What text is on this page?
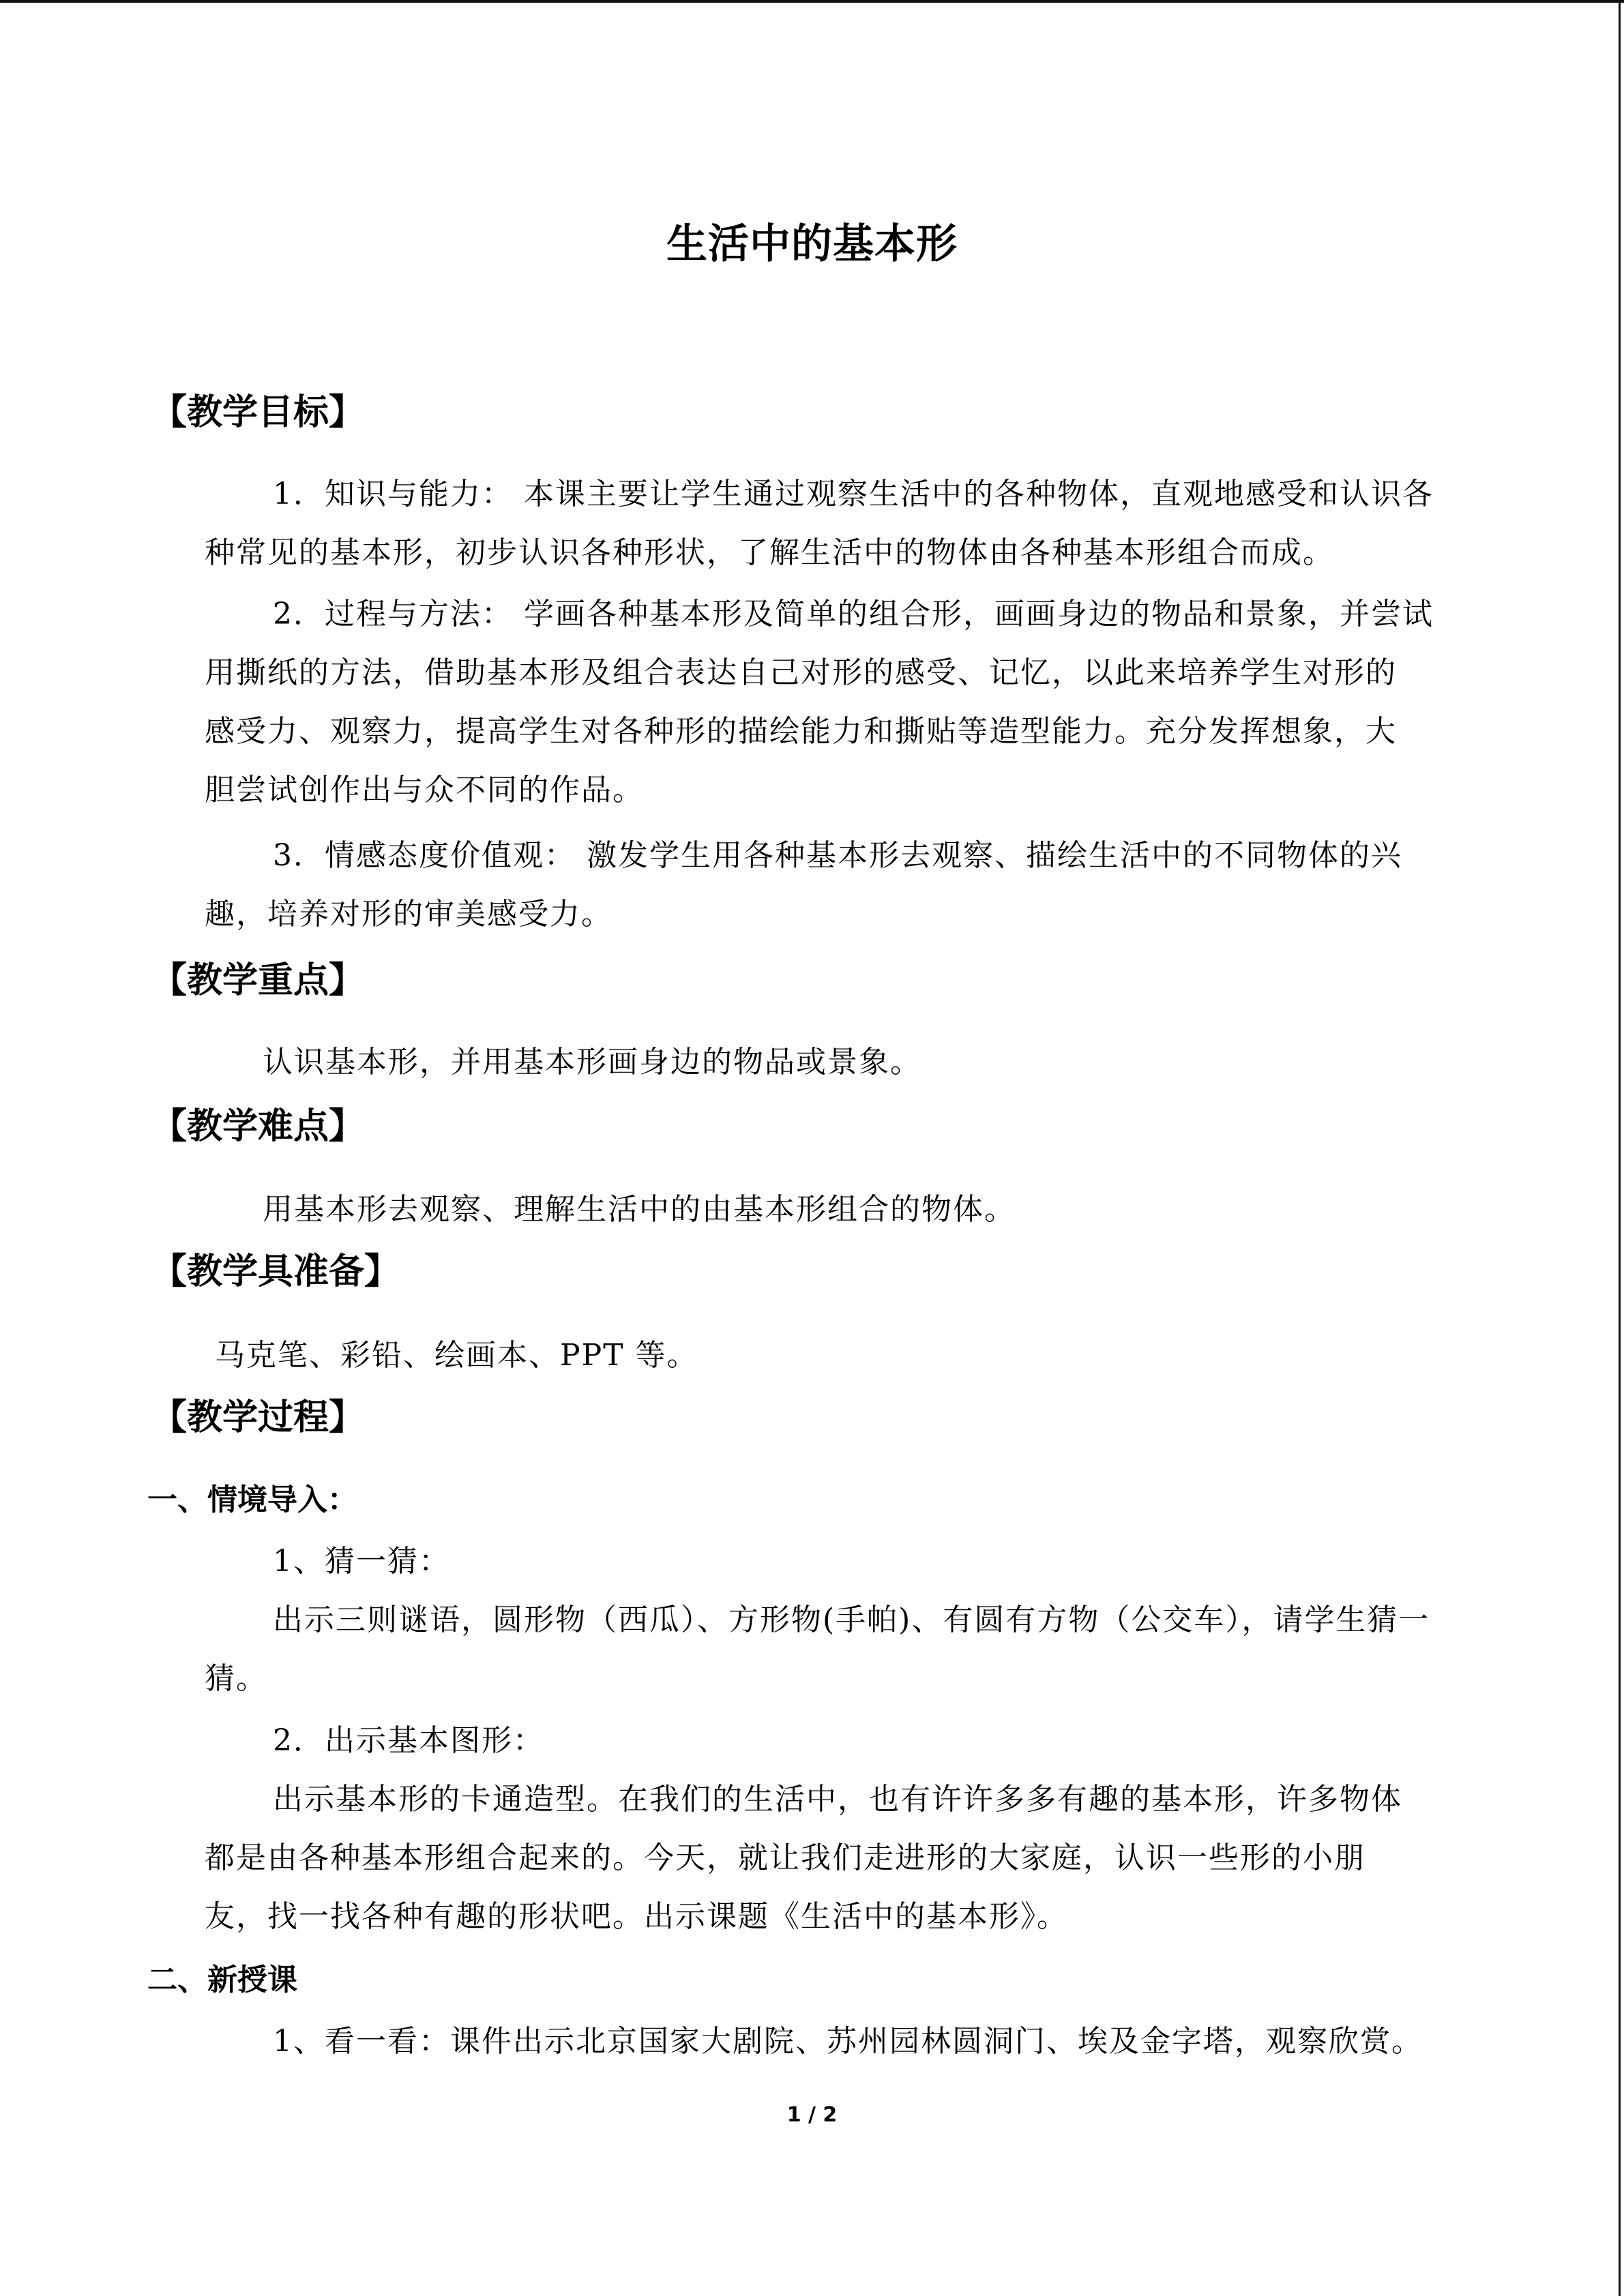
生活中的基本形
【教学目标】
1．知识与能力： 本课主要让学生通过观察生活中的各种物体，直观地感受和认识各
种常见的基本形，初步认识各种形状，了解生活中的物体由各种基本形组合而成。
2．过程与方法： 学画各种基本形及简单的组合形，画画身边的物品和景象，并尝试
用撕纸的方法，借助基本形及组合表达自己对形的感受、记忆，以此来培养学生对形的
感受力、观察力，提高学生对各种形的描绘能力和撕贴等造型能力。充分发挥想象，大
胆尝试创作出与众不同的作品。
3．情感态度价值观： 激发学生用各种基本形去观察、描绘生活中的不同物体的兴
趣，培养对形的审美感受力。
【教学重点】
认识基本形，并用基本形画身边的物品或景象。
【教学难点】
用基本形去观察、理解生活中的由基本形组合的物体。
【教学具准备】
马克笔、彩铅、绘画本、PPT 等。
【教学过程】
一、情境导入：
1、猜一猜：
出示三则谜语，圆形物（西瓜）、方形物(手帕)、有圆有方物（公交车），请学生猜一
猜。
2．出示基本图形：
出示基本形的卡通造型。在我们的生活中，也有许许多多有趣的基本形，许多物体
都是由各种基本形组合起来的。今天，就让我们走进形的大家庭，认识一些形的小朋
友，找一找各种有趣的形状吧。出示课题《生活中的基本形》。
二、新授课
1、看一看：课件出示北京国家大剧院、苏州园林圆洞门、埃及金字塔，观察欣赏。
1 / 2
